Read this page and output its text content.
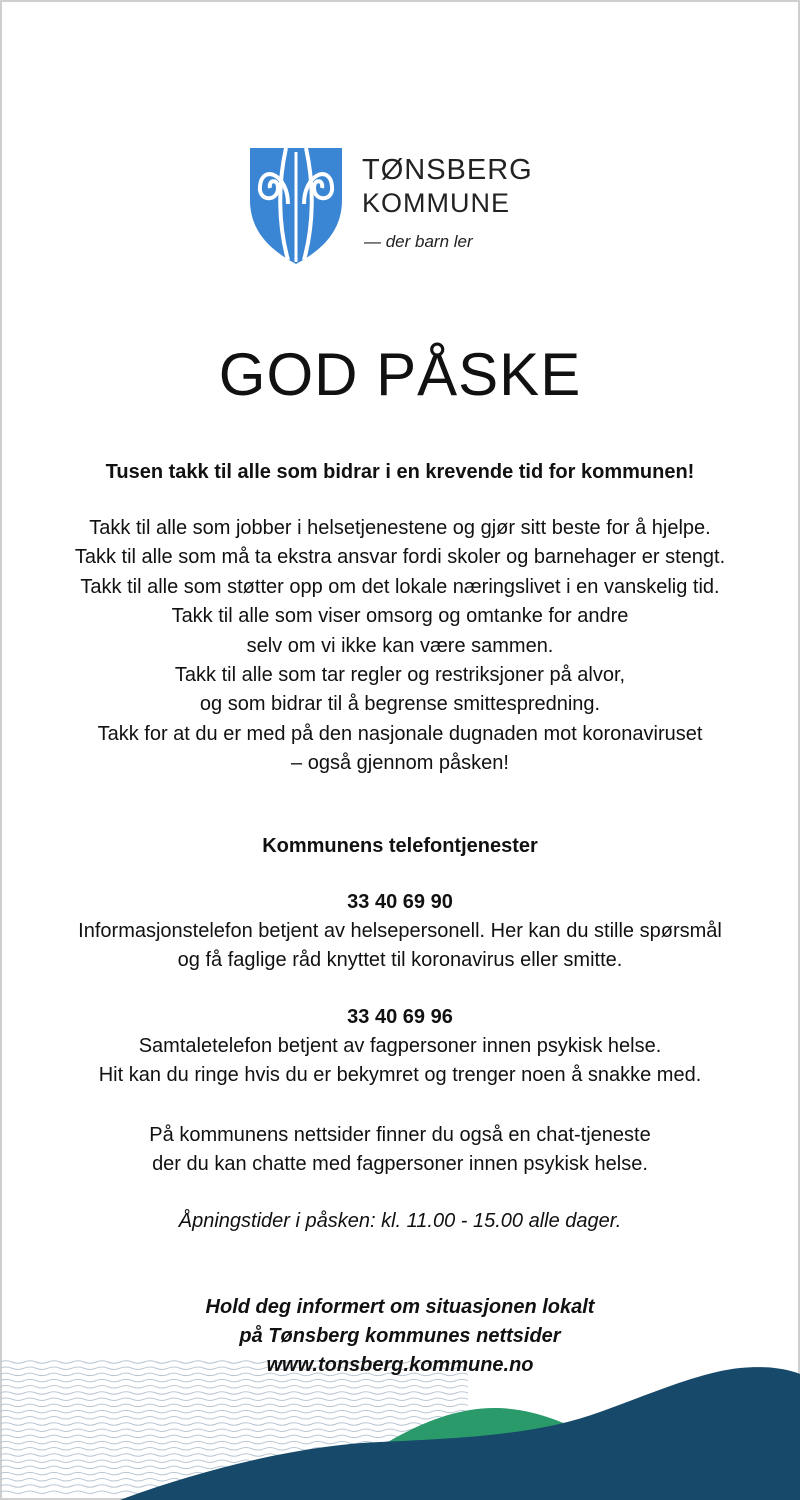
TØNSBERG
KOMMUNE
— der barn ler
GOD PÅSKE
Tusen takk til alle som bidrar i en krevende tid for kommunen!
Takk til alle som jobber i helsetjenestene og gjør sitt beste for å hjelpe.
Takk til alle som må ta ekstra ansvar fordi skoler og barnehager er stengt.
Takk til alle som støtter opp om det lokale næringslivet i en vanskelig tid.
Takk til alle som viser omsorg og omtanke for andre
selv om vi ikke kan være sammen.
Takk til alle som tar regler og restriksjoner på alvor,
og som bidrar til å begrense smittespredning.
Takk for at du er med på den nasjonale dugnaden mot koronaviruset
– også gjennom påsken!
Kommunens telefontjenester
33 40 69 90
Informasjonstelefon betjent av helsepersonell. Her kan du stille spørsmål
og få faglige råd knyttet til koronavirus eller smitte.
33 40 69 96
Samtaletelefon betjent av fagpersoner innen psykisk helse.
Hit kan du ringe hvis du er bekymret og trenger noen å snakke med.
På kommunens nettsider finner du også en chat-tjeneste
der du kan chatte med fagpersoner innen psykisk helse.
Åpningstider i påsken: kl. 11.00 - 15.00 alle dager.
Hold deg informert om situasjonen lokalt
på Tønsberg kommunes nettsider
www.tonsberg.kommune.no
